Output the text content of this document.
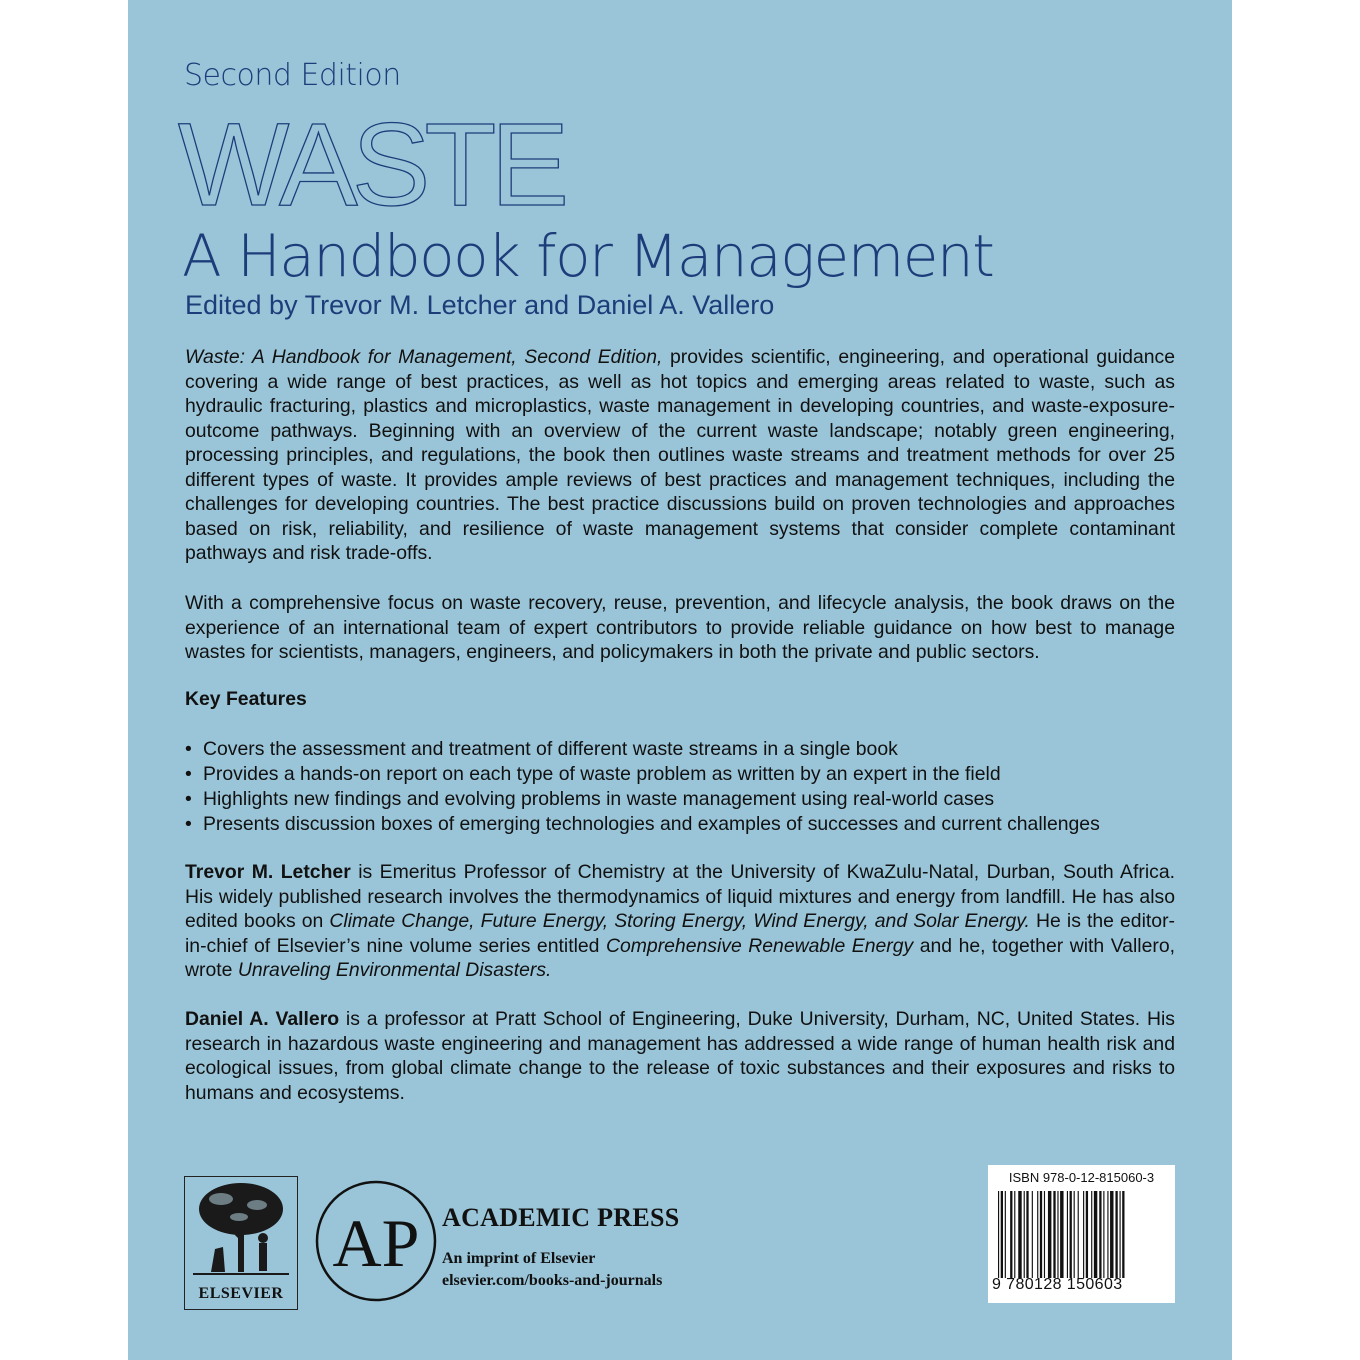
Second Edition
WASTE
A Handbook for Management
Edited by Trevor M. Letcher and Daniel A. Vallero

Waste: A Handbook for Management, Second Edition, provides scientific, engineering, and operational guidance covering a wide range of best practices, as well as hot topics and emerging areas related to waste, such as hydraulic fracturing, plastics and microplastics, waste management in developing countries, and waste-exposure-outcome pathways. Beginning with an overview of the current waste landscape; notably green engineering, processing principles, and regulations, the book then outlines waste streams and treatment methods for over 25 different types of waste. It provides ample reviews of best practices and management techniques, including the challenges for developing countries. The best practice discussions build on proven technologies and approaches based on risk, reliability, and resilience of waste management systems that consider complete contaminant pathways and risk trade-offs.

With a comprehensive focus on waste recovery, reuse, prevention, and lifecycle analysis, the book draws on the experience of an international team of expert contributors to provide reliable guidance on how best to manage wastes for scientists, managers, engineers, and policymakers in both the private and public sectors.

Key Features
• Covers the assessment and treatment of different waste streams in a single book
• Provides a hands-on report on each type of waste problem as written by an expert in the field
• Highlights new findings and evolving problems in waste management using real-world cases
• Presents discussion boxes of emerging technologies and examples of successes and current challenges

Trevor M. Letcher is Emeritus Professor of Chemistry at the University of KwaZulu-Natal, Durban, South Africa. His widely published research involves the thermodynamics of liquid mixtures and energy from landfill. He has also edited books on Climate Change, Future Energy, Storing Energy, Wind Energy, and Solar Energy. He is the editor-in-chief of Elsevier’s nine volume series entitled Comprehensive Renewable Energy and he, together with Vallero, wrote Unraveling Environmental Disasters.

Daniel A. Vallero is a professor at Pratt School of Engineering, Duke University, Durham, NC, United States. His research in hazardous waste engineering and management has addressed a wide range of human health risk and ecological issues, from global climate change to the release of toxic substances and their exposures and risks to humans and ecosystems.

ELSEVIER
AP ACADEMIC PRESS
An imprint of Elsevier
elsevier.com/books-and-journals
ISBN 978-0-12-815060-3
9 780128 150603
